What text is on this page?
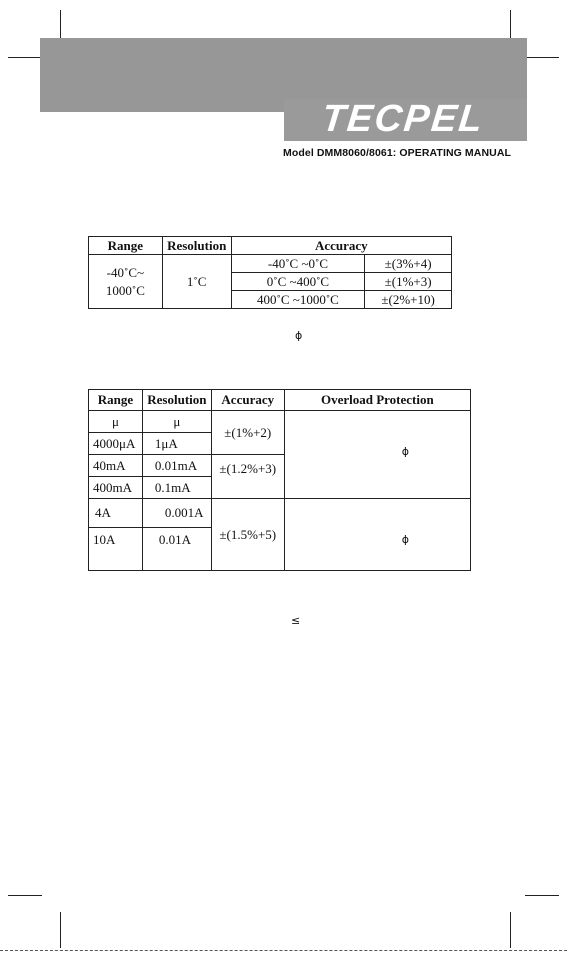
TECPEL
Model DMM8060/8061: OPERATING MANUAL
Range	Resolution	Accuracy	
-40˚C~
1000˚C	1˚C	-40˚C ~0˚C	±(3%+4)
		0˚C ~400˚C	±(1%+3)
		400˚C ~1000˚C	±(2%+10)
ϕ
Range	Resolution	Accuracy	Overload Protection
μ	μ	±(1%+2)	$^\phi$
4000μA	1μA		
40mA	0.01mA	±(1.2%+3)	
400mA	0.1mA		
4A	0.001A	±(1.5%+5)	$_\phi$
10A	0.01A		
≤
